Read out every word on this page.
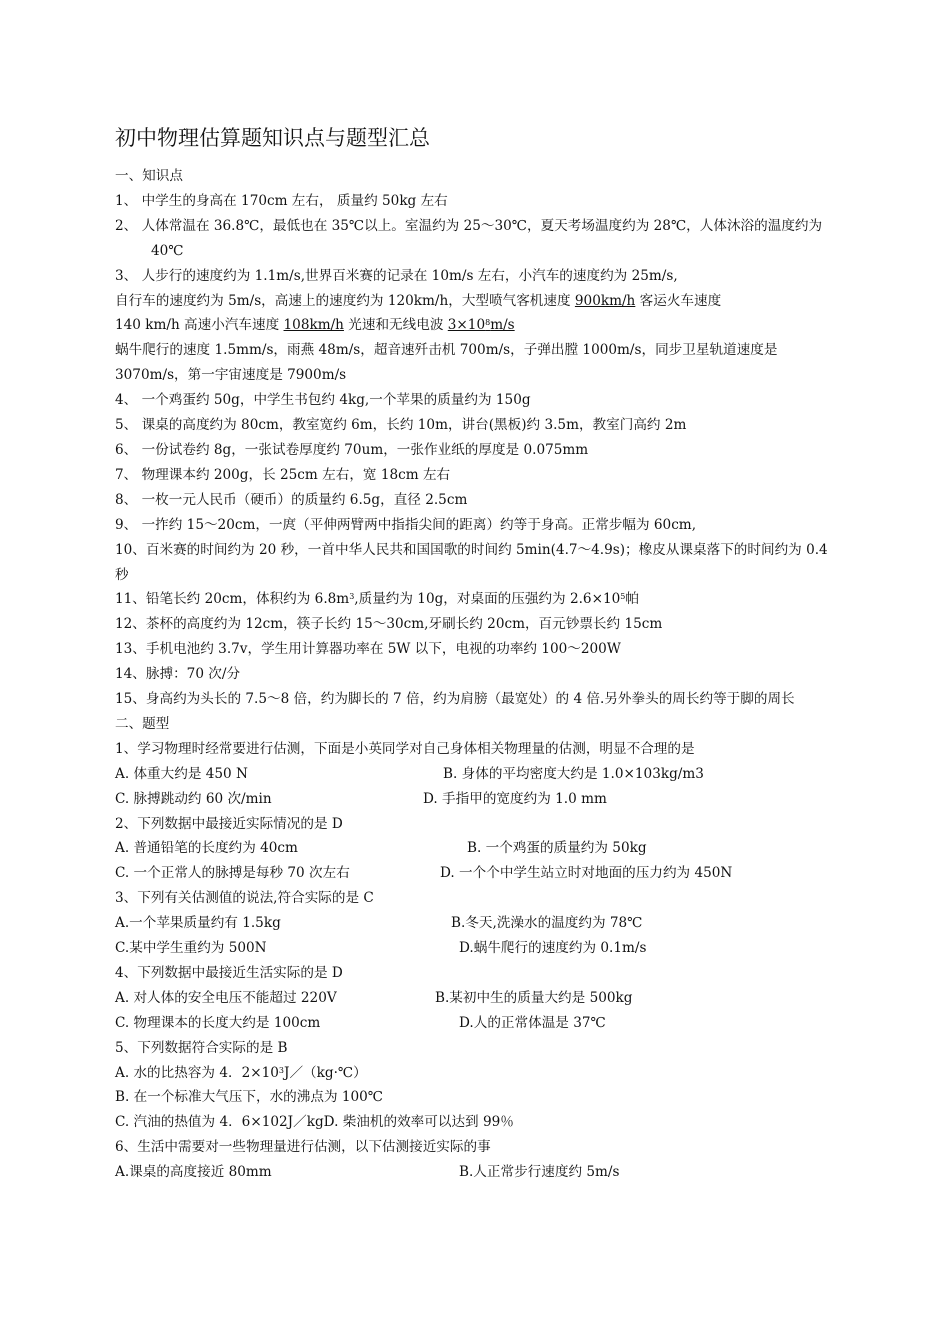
初中物理估算题知识点与题型汇总
一、知识点
1、 中学生的身高在 170cm 左右， 质量约 50kg 左右
2、 人体常温在 36.8℃，最低也在 35℃以上。室温约为 25～30℃，夏天考场温度约为 28℃，人体沐浴的温度约为 40℃
3、 人步行的速度约为 1.1m/s,世界百米赛的记录在 10m/s 左右，小汽车的速度约为 25m/s,
自行车的速度约为 5m/s，高速上的速度约为 120km/h，大型喷气客机速度 900km/h 客运火车速度
140 km/h 高速小汽车速度 108km/h 光速和无线电波 $3\times 10^8m/s$
蜗牛爬行的速度 1.5mm/s，雨燕 48m/s，超音速歼击机 700m/s，子弹出膛 1000m/s，同步卫星轨道速度是 3070m/s，第一宇宙速度是 7900m/s
4、 一个鸡蛋约 50g，中学生书包约 4kg,一个苹果的质量约为 150g
5、 课桌的高度约为 80cm，教室宽约 6m，长约 10m，讲台(黑板)约 3.5m，教室门高约 2m
6、 一份试卷约 8g，一张试卷厚度约 70um，一张作业纸的厚度是 0.075mm
7、 物理课本约 200g，长 25cm 左右，宽 18cm 左右
8、 一枚一元人民币（硬币）的质量约 6.5g，直径 2.5cm
9、 一拃约 15～20cm，一庹（平伸两臂两中指指尖间的距离）约等于身高。正常步幅为 60cm,
10、百米赛的时间约为 20 秒，一首中华人民共和国国歌的时间约 5min(4.7～4.9s)；橡皮从课桌落下的时间约为 0.4 秒
11、铅笔长约 20cm，体积约为 $6.8m^3$,质量约为 10g，对桌面的压强约为 $2.6\times 10^5$帕
12、茶杯的高度约为 12cm，筷子长约 15～30cm,牙刷长约 20cm，百元钞票长约 15cm
13、手机电池约 3.7v，学生用计算器功率在 5W 以下，电视的功率约 100～200W
14、脉搏：70 次/分
15、身高约为头长的 7.5～8 倍，约为脚长的 7 倍，约为肩膀（最宽处）的 4 倍.另外拳头的周长约等于脚的周长
二、题型
1、学习物理时经常要进行估测，下面是小英同学对自己身体相关物理量的估测，明显不合理的是
A. 体重大约是 450 N	B. 身体的平均密度大约是 1.0×103kg/m3
C. 脉搏跳动约 60 次/min	D. 手指甲的宽度约为 1.0 mm
2、下列数据中最接近实际情况的是 D
A. 普通铅笔的长度约为 40cm	B. 一个鸡蛋的质量约为 50kg
C. 一个正常人的脉搏是每秒 70 次左右	D. 一个个中学生站立时对地面的压力约为 450N
3、下列有关估测值的说法,符合实际的是 C
A.一个苹果质量约有 1.5kg	B.冬天,洗澡水的温度约为 78℃
C.某中学生重约为 500N	D.蜗牛爬行的速度约为 0.1m/s
4、下列数据中最接近生活实际的是 D
A. 对人体的安全电压不能超过 220V	B.某初中生的质量大约是 500kg
C. 物理课本的长度大约是 100cm	D.人的正常体温是 37℃
5、下列数据符合实际的是 B
A. 水的比热容为 4．$2\times 10^3J/(kg\cdot℃)$
B. 在一个标准大气压下，水的沸点为 100℃
C. 汽油的热值为 4．6×102J／kgD. 柴油机的效率可以达到 99％
6、生活中需要对一些物理量进行估测，以下估测接近实际的事
A.课桌的高度接近 80mm	B.人正常步行速度约 5m/s
